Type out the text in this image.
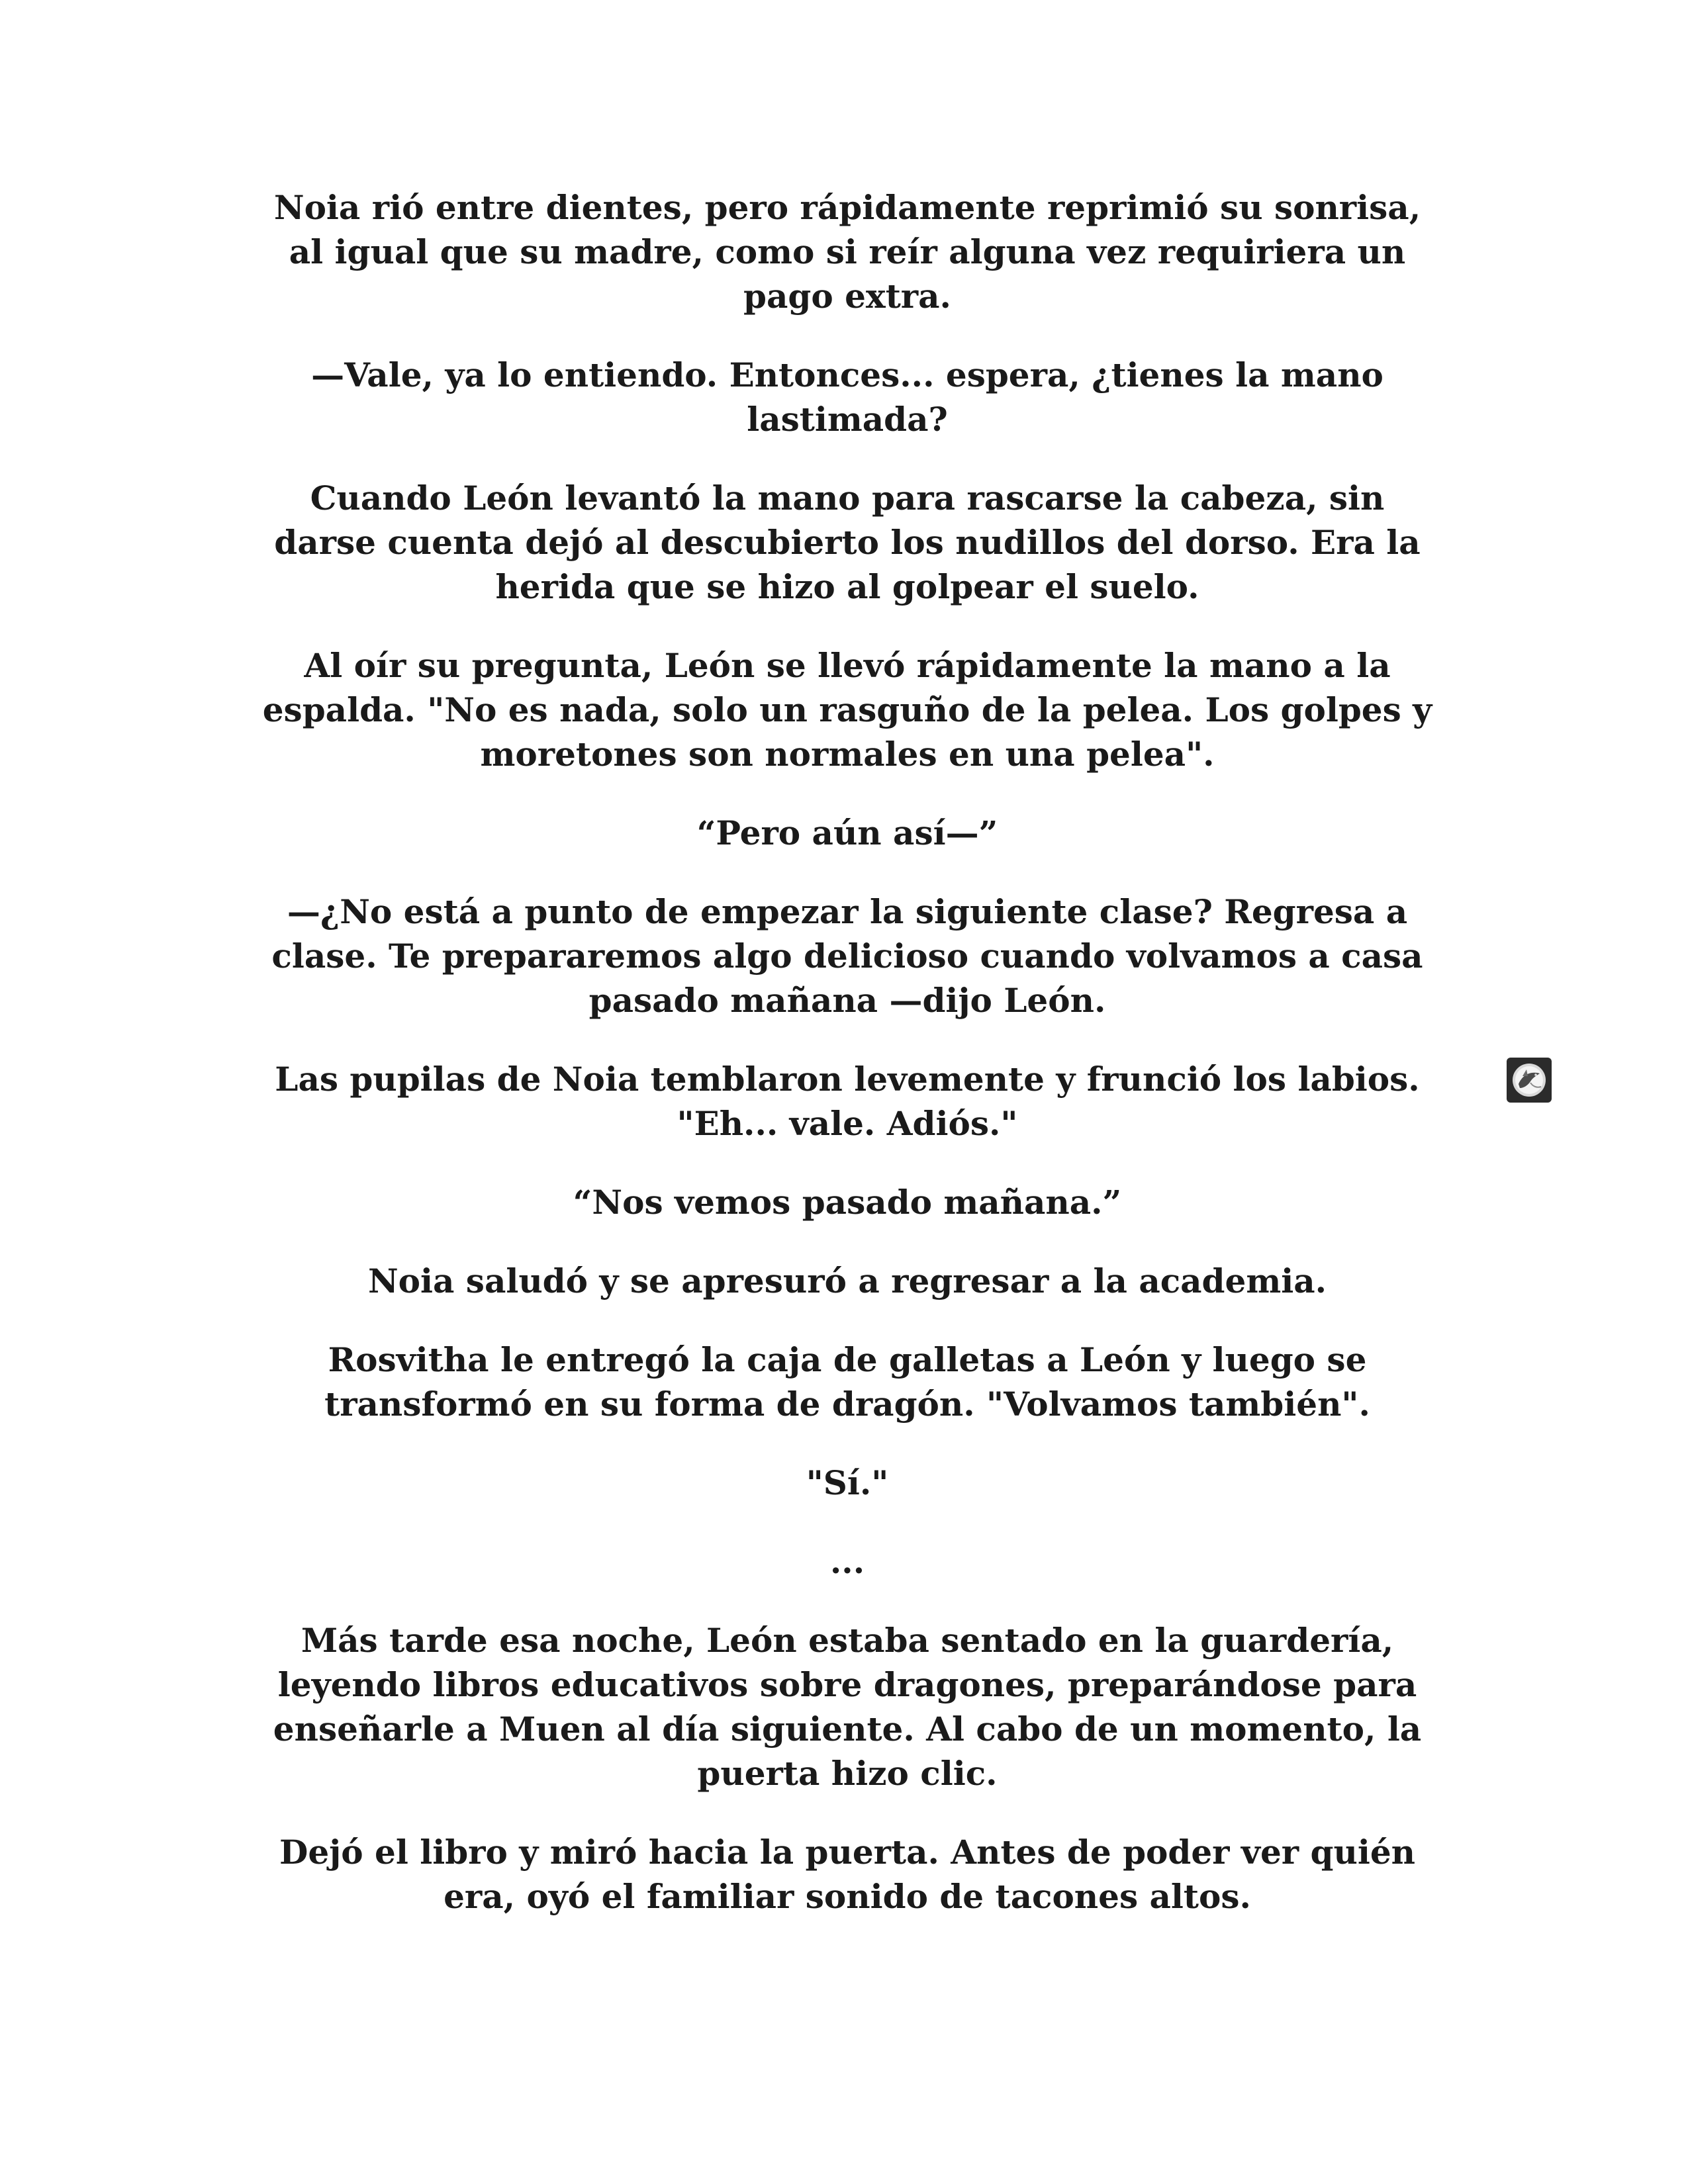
Noia rió entre dientes, pero rápidamente reprimió su sonrisa,
al igual que su madre, como si reír alguna vez requiriera un
pago extra.

—Vale, ya lo entiendo. Entonces... espera, ¿tienes la mano
lastimada?

Cuando León levantó la mano para rascarse la cabeza, sin
darse cuenta dejó al descubierto los nudillos del dorso. Era la
herida que se hizo al golpear el suelo.

Al oír su pregunta, León se llevó rápidamente la mano a la
espalda. "No es nada, solo un rasguño de la pelea. Los golpes y
moretones son normales en una pelea".

“Pero aún así—”

—¿No está a punto de empezar la siguiente clase? Regresa a
clase. Te prepararemos algo delicioso cuando volvamos a casa
pasado mañana —dijo León.

Las pupilas de Noia temblaron levemente y frunció los labios.
"Eh... vale. Adiós."

“Nos vemos pasado mañana.”

Noia saludó y se apresuró a regresar a la academia.

Rosvitha le entregó la caja de galletas a León y luego se
transformó en su forma de dragón. "Volvamos también".

"Sí."

...

Más tarde esa noche, León estaba sentado en la guardería,
leyendo libros educativos sobre dragones, preparándose para
enseñarle a Muen al día siguiente. Al cabo de un momento, la
puerta hizo clic.

Dejó el libro y miró hacia la puerta. Antes de poder ver quién
era, oyó el familiar sonido de tacones altos.
